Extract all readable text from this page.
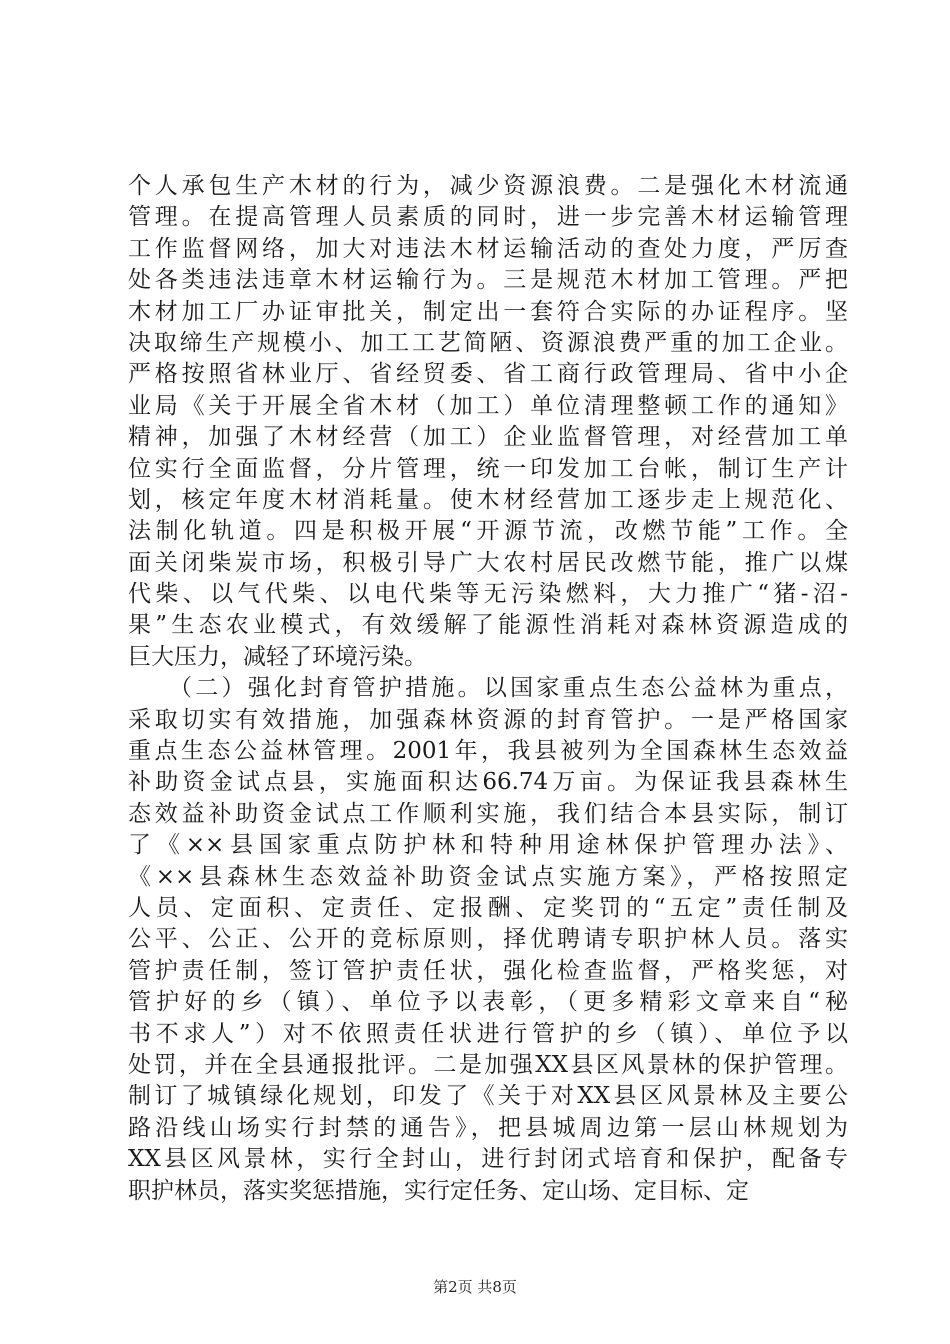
个人承包生产木材的行为，减少资源浪费。二是强化木材流通
管理。在提高管理人员素质的同时，进一步完善木材运输管理
工作监督网络，加大对违法木材运输活动的查处力度，严厉查
处各类违法违章木材运输行为。三是规范木材加工管理。严把
木材加工厂办证审批关，制定出一套符合实际的办证程序。坚
决取缔生产规模小、加工工艺简陋、资源浪费严重的加工企业。
严格按照省林业厅、省经贸委、省工商行政管理局、省中小企
业局《关于开展全省木材（加工）单位清理整顿工作的通知》
精神，加强了木材经营（加工）企业监督管理，对经营加工单
位实行全面监督，分片管理，统一印发加工台帐，制订生产计
划，核定年度木材消耗量。使木材经营加工逐步走上规范化、
法制化轨道。四是积极开展“开源节流，改燃节能”工作。全
面关闭柴炭市场，积极引导广大农村居民改燃节能，推广以煤
代柴、以气代柴、以电代柴等无污染燃料，大力推广“猪-沼-
果”生态农业模式，有效缓解了能源性消耗对森林资源造成的
巨大压力，减轻了环境污染。
　　（二）强化封育管护措施。以国家重点生态公益林为重点，
采取切实有效措施，加强森林资源的封育管护。一是严格国家
重点生态公益林管理。2001年，我县被列为全国森林生态效益
补助资金试点县，实施面积达66.74万亩。为保证我县森林生
态效益补助资金试点工作顺利实施，我们结合本县实际，制订
了《××县国家重点防护林和特种用途林保护管理办法》、
《××县森林生态效益补助资金试点实施方案》，严格按照定
人员、定面积、定责任、定报酬、定奖罚的“五定”责任制及
公平、公正、公开的竞标原则，择优聘请专职护林人员。落实
管护责任制，签订管护责任状，强化检查监督，严格奖惩，对
管护好的乡（镇）、单位予以表彰，（更多精彩文章来自“秘
书不求人”）对不依照责任状进行管护的乡（镇）、单位予以
处罚，并在全县通报批评。二是加强XX县区风景林的保护管理。
制订了城镇绿化规划，印发了《关于对XX县区风景林及主要公
路沿线山场实行封禁的通告》，把县城周边第一层山林规划为
XX县区风景林，实行全封山，进行封闭式培育和保护，配备专
职护林员，落实奖惩措施，实行定任务、定山场、定目标、定
第2页 共8页
